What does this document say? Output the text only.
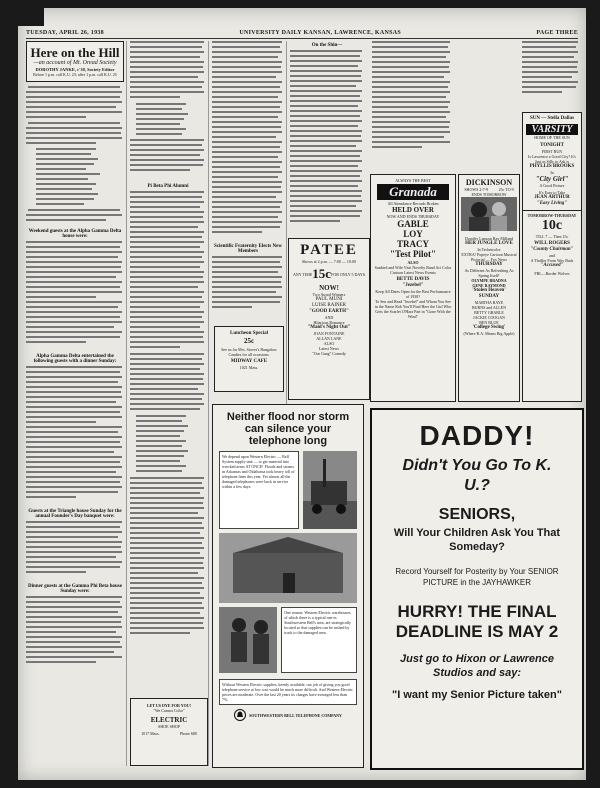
TUESDAY, APRIL 26, 1938	UNIVERSITY DAILY KANSAN, LAWRENCE, KANSAS	PAGE THREE
Here on the Hill
—an account of Mt. Oread Society
DOROTHY JANKE, c'38, Society Editor
Before 1 p.m. call K.U. 23; after 1 p.m. call K.U. 25
Weekend guests at the Alpha Gamma Delta house were:
Alpha Gamma Delta entertained the following guests with a dinner Sunday:
Guests at the Triangle house Sunday for the annual Founder's Day banquet were:
Dinner guests at the Gamma Phi Beta house Sunday were:
Pi Beta Phi Alumni
Scientific Fraternity Elects New Members
Luncheon Special
25c
See us for Mrs. Stover's Bungalow Candies for all occasions.
MIDWAY CAFE
1021 Mass.
LET US DYE FOR YOU!
"We Cannot Color"
ELECTRIC
SHOE SHOP
1017 Mass.	Phone 680
On the Shin—
PATEE
Shows at 2 p.m. — 7:00 — 10:00
ANY TIME 15c FOR ONLY 5 DAYS
NOW!
Two Award Winners
PAUL MUNI
LUISE RAINER
"GOOD EARTH"
AND
Hilarious Romance
"Maid's Night Out"
JOAN FONTAINE
ALLAN LANE
ALSO
Latest News
"Our Gang" Comedy
ALWAYS THE BEST
Granada
All Attendance Records Broken
HELD OVER
NOW AND ENDS THURSDAY
GABLE
LOY
TRACY
"Test Pilot"
ALSO
Sunbird and Wife Visit Novelty Band Act Color Cartoon Latest News Events
BETTE DAVIS
"Jezebel"
Keep All Dates Open for the Best Performance of 1938?
To Sen and Read "Jezebel" and Whom You See
in the Name Rob You'll Find Here the Girl Who Gets the Scarlet O'Hara Part in "Gone With the Wind"
DICKINSON
SHOWS 2-7-9	25c TO 9
ENDS TOMORROW
Dorothy Lamour Ray Milland
HER JUNGLE LOVE
In Technicolor
EXTRA! Popeye Cartoon Musical Pictorial — Fox News
THURSDAY
As Different As Refreshing As Spring Itself!
OLYMPE BRADNA
GENE RAYMOND
'Stolen Heaven'
SUNDAY
MARTHA RAYE
BURNS and ALLEN
BETTY GRABLE
JACKIE COOGAN
BEN BLUE
'College Swing'
(Where R.A. Means Big Apple)
SUN — Stella Dallas
VARSITY
HOME OF THE SUN
TONIGHT
FIRST RUN
Is Lawrence a Good City? It's Just as Silly to Ask is
PHYLLIS BROOKS
In
"City Girl"
A Good Picture
It's Easy to Take
JEAN ARTHUR
"Easy Living"
TOMORROW-THURSDAY
10c
TILL 7 — Then 15c
WILL ROGERS
"County Chairman"
and
A Thriller From Way Back
"Accused"
FRI.—Border Wolves
Neither flood nor storm can silence your telephone long
We depend upon Western Electric — Bell System supply unit — to get material into wrecked areas AT ONCE! Floods and storms in Arkansas and Oklahoma took heavy toll of telephone lines this year. Yet almost all the damaged telephones were back in service within a few days.
One reason: Western Electric warehouses, of which there is a typical one in Southwestern Bell's area, are strategically located so that supplies can be rushed by truck to the damaged area.
Without Western Electric supplies, keenly available, our job of giving you good telephone service at low cost would be much more difficult. And Western Electric prices are moderate. Over the last 20 years its charges have averaged less than 7%.
SOUTHWESTERN BELL TELEPHONE COMPANY
DADDY!
Didn't You Go To K. U.?
SENIORS,
Will Your Children Ask You That Someday?
Record Yourself for Posterity by Your SENIOR PICTURE in the JAYHAWKER
HURRY! THE FINAL DEADLINE IS MAY 2
Just go to Hixon or Lawrence Studios and say:
"I want my Senior Picture taken"
